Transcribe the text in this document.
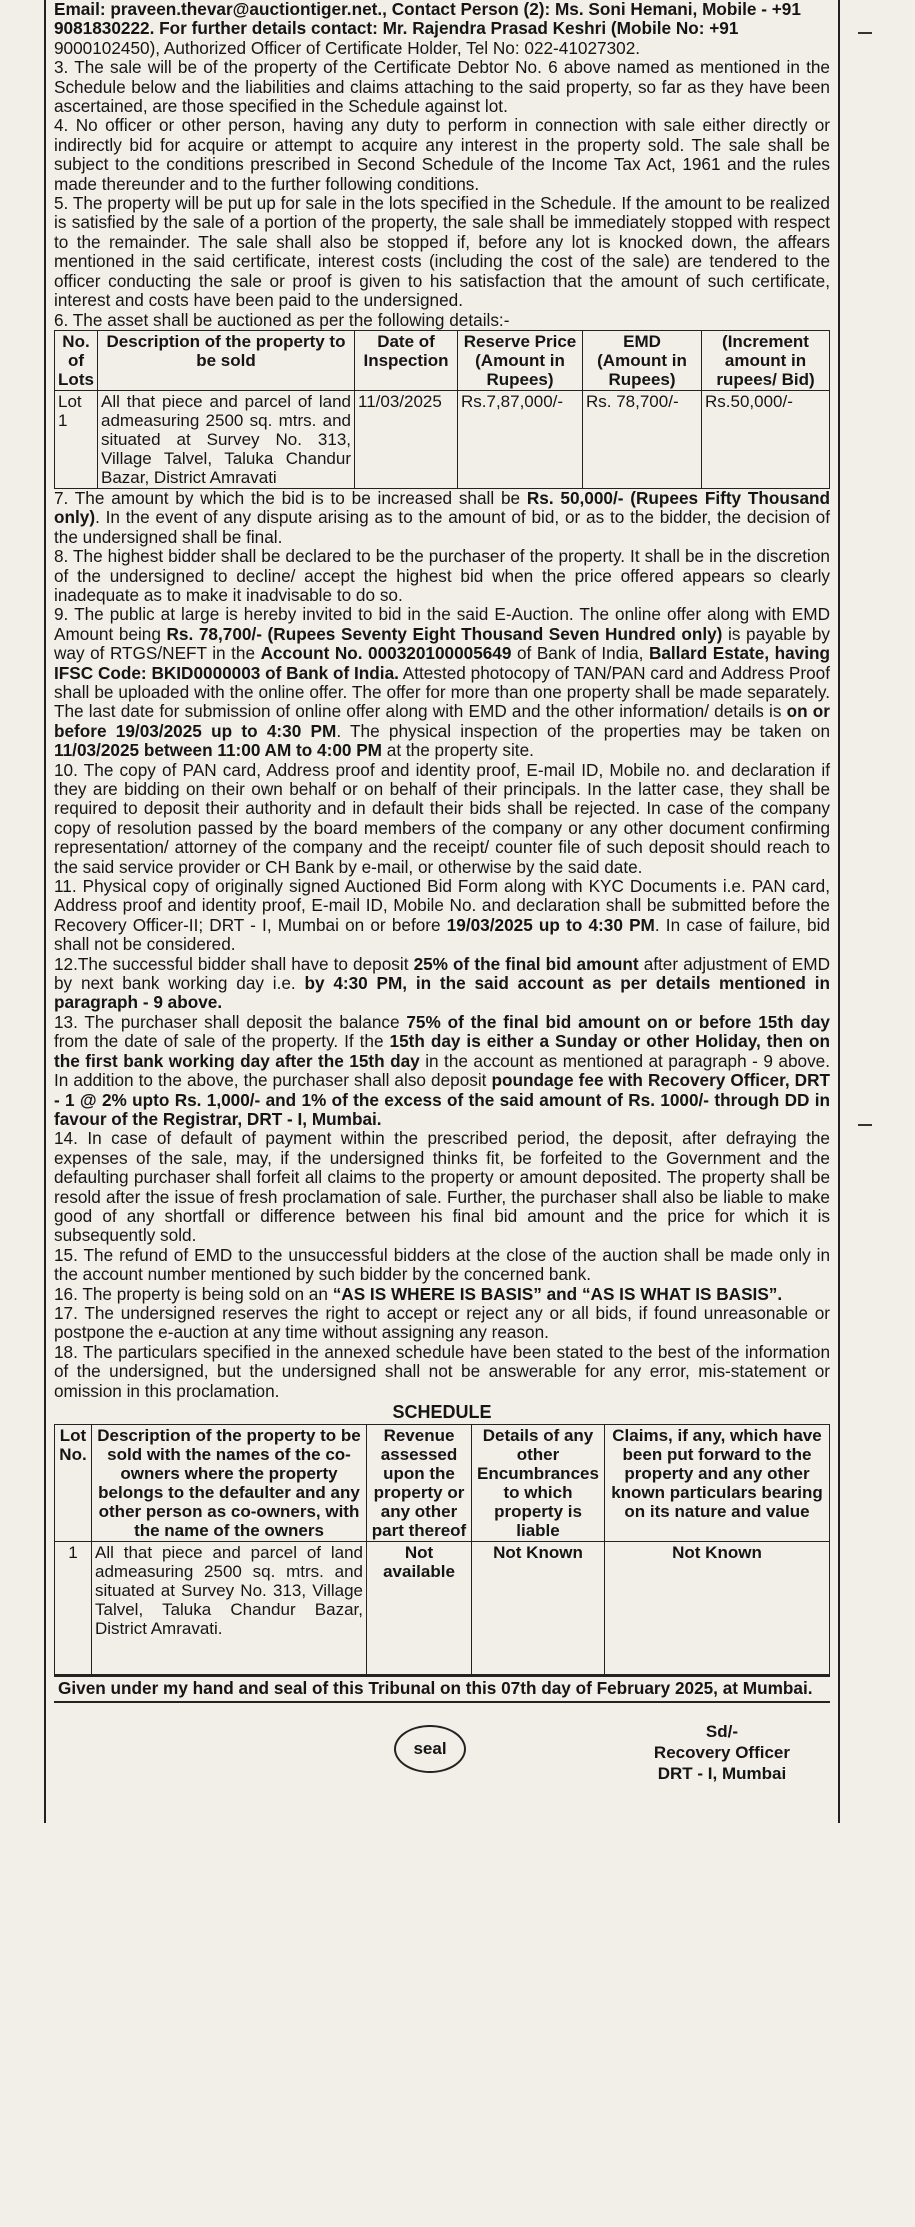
Email: praveen.thevar@auctiontiger.net., Contact Person (2): Ms. Soni Hemani, Mobile - +91

9081830222. For further details contact: Mr. Rajendra Prasad Keshri (Mobile No: +91

9000102450), Authorized Officer of Certificate Holder, Tel No: 022-41027302.

3. The sale will be of the property of the Certificate Debtor No. 6 above named as mentioned in the Schedule below and the liabilities and claims attaching to the said property, so far as they have been ascertained, are those specified in the Schedule against lot.

4. No officer or other person, having any duty to perform in connection with sale either directly or indirectly bid for acquire or attempt to acquire any interest in the property sold. The sale shall be subject to the conditions prescribed in Second Schedule of the Income Tax Act, 1961 and the rules made thereunder and to the further following conditions.

5. The property will be put up for sale in the lots specified in the Schedule. If the amount to be realized is satisfied by the sale of a portion of the property, the sale shall be immediately stopped with respect to the remainder. The sale shall also be stopped if, before any lot is knocked down, the affears mentioned in the said certificate, interest costs (including the cost of the sale) are tendered to the officer conducting the sale or proof is given to his satisfaction that the amount of such certificate, interest and costs have been paid to the undersigned.

6. The asset shall be auctioned as per the following details:-

No. of Lots	Description of the property to be sold	Date of Inspection	Reserve Price (Amount in Rupees)	EMD (Amount in Rupees)	(Increment amount in rupees/ Bid)
Lot 1	All that piece and parcel of land admeasuring 2500 sq. mtrs. and situated at Survey No. 313, Village Talvel, Taluka Chandur Bazar, District Amravati	11/03/2025	Rs.7,87,000/-	Rs. 78,700/-	Rs.50,000/-

7. The amount by which the bid is to be increased shall be Rs. 50,000/- (Rupees Fifty Thousand only). In the event of any dispute arising as to the amount of bid, or as to the bidder, the decision of the undersigned shall be final.

8. The highest bidder shall be declared to be the purchaser of the property. It shall be in the discretion of the undersigned to decline/ accept the highest bid when the price offered appears so clearly inadequate as to make it inadvisable to do so.

9. The public at large is hereby invited to bid in the said E-Auction. The online offer along with EMD Amount being Rs. 78,700/- (Rupees Seventy Eight Thousand Seven Hundred only) is payable by way of RTGS/NEFT in the Account No. 000320100005649 of Bank of India, Ballard Estate, having IFSC Code: BKID0000003 of Bank of India. Attested photocopy of TAN/PAN card and Address Proof shall be uploaded with the online offer. The offer for more than one property shall be made separately. The last date for submission of online offer along with EMD and the other information/ details is on or before 19/03/2025 up to 4:30 PM. The physical inspection of the properties may be taken on 11/03/2025 between 11:00 AM to 4:00 PM at the property site.

10. The copy of PAN card, Address proof and identity proof, E-mail ID, Mobile no. and declaration if they are bidding on their own behalf or on behalf of their principals. In the latter case, they shall be required to deposit their authority and in default their bids shall be rejected. In case of the company copy of resolution passed by the board members of the company or any other document confirming representation/ attorney of the company and the receipt/ counter file of such deposit should reach to the said service provider or CH Bank by e-mail, or otherwise by the said date.

11. Physical copy of originally signed Auctioned Bid Form along with KYC Documents i.e. PAN card, Address proof and identity proof, E-mail ID, Mobile No. and declaration shall be submitted before the Recovery Officer-II; DRT - I, Mumbai on or before 19/03/2025 up to 4:30 PM. In case of failure, bid shall not be considered.

12.The successful bidder shall have to deposit 25% of the final bid amount after adjustment of EMD by next bank working day i.e. by 4:30 PM, in the said account as per details mentioned in paragraph - 9 above.

13. The purchaser shall deposit the balance 75% of the final bid amount on or before 15th day from the date of sale of the property. If the 15th day is either a Sunday or other Holiday, then on the first bank working day after the 15th day in the account as mentioned at paragraph - 9 above. In addition to the above, the purchaser shall also deposit poundage fee with Recovery Officer, DRT - 1 @ 2% upto Rs. 1,000/- and 1% of the excess of the said amount of Rs. 1000/- through DD in favour of the Registrar, DRT - I, Mumbai.

14. In case of default of payment within the prescribed period, the deposit, after defraying the expenses of the sale, may, if the undersigned thinks fit, be forfeited to the Government and the defaulting purchaser shall forfeit all claims to the property or amount deposited. The property shall be resold after the issue of fresh proclamation of sale. Further, the purchaser shall also be liable to make good of any shortfall or difference between his final bid amount and the price for which it is subsequently sold.

15. The refund of EMD to the unsuccessful bidders at the close of the auction shall be made only in the account number mentioned by such bidder by the concerned bank.

16. The property is being sold on an “AS IS WHERE IS BASIS” and “AS IS WHAT IS BASIS”.

17. The undersigned reserves the right to accept or reject any or all bids, if found unreasonable or postpone the e-auction at any time without assigning any reason.

18. The particulars specified in the annexed schedule have been stated to the best of the information of the undersigned, but the undersigned shall not be answerable for any error, mis-statement or omission in this proclamation.

SCHEDULE
Lot No.	Description of the property to be sold with the names of the co-owners where the property belongs to the defaulter and any other person as co-owners, with the name of the owners	Revenue assessed upon the property or any other part thereof	Details of any other Encumbrances to which property is liable	Claims, if any, which have been put forward to the property and any other known particulars bearing on its nature and value
1	All that piece and parcel of land admeasuring 2500 sq. mtrs. and situated at Survey No. 313, Village Talvel, Taluka Chandur Bazar, District Amravati.	Not available	Not Known	Not Known
Given under my hand and seal of this Tribunal on this 07th day of February 2025, at Mumbai.
seal
Sd/-
Recovery Officer
DRT - I, Mumbai
